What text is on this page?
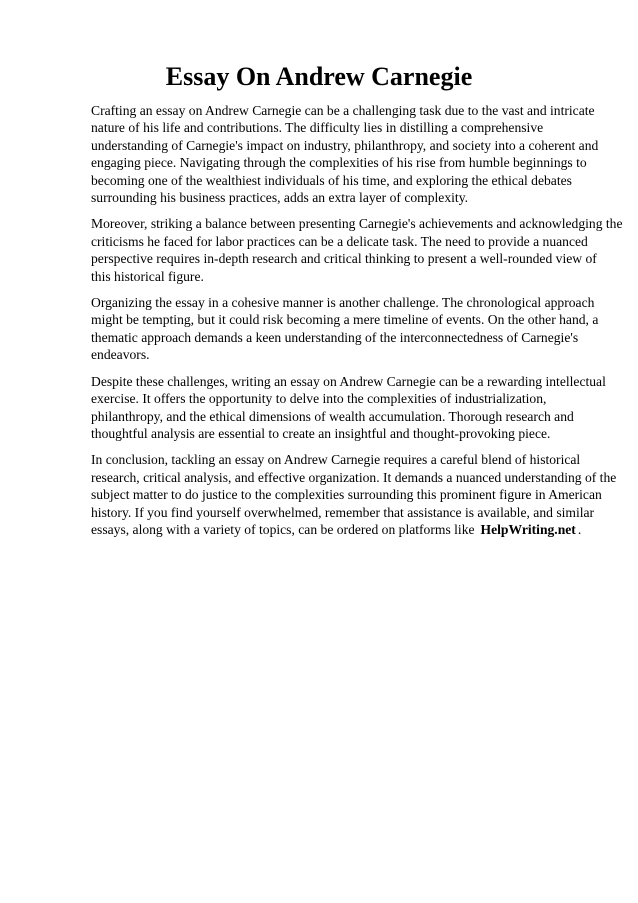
Essay On Andrew Carnegie

Crafting an essay on Andrew Carnegie can be a challenging task due to the vast and intricate
nature of his life and contributions. The difficulty lies in distilling a comprehensive
understanding of Carnegie's impact on industry, philanthropy, and society into a coherent and
engaging piece. Navigating through the complexities of his rise from humble beginnings to
becoming one of the wealthiest individuals of his time, and exploring the ethical debates
surrounding his business practices, adds an extra layer of complexity.

Moreover, striking a balance between presenting Carnegie's achievements and acknowledging the
criticisms he faced for labor practices can be a delicate task. The need to provide a nuanced
perspective requires in-depth research and critical thinking to present a well-rounded view of
this historical figure.

Organizing the essay in a cohesive manner is another challenge. The chronological approach
might be tempting, but it could risk becoming a mere timeline of events. On the other hand, a
thematic approach demands a keen understanding of the interconnectedness of Carnegie's
endeavors.

Despite these challenges, writing an essay on Andrew Carnegie can be a rewarding intellectual
exercise. It offers the opportunity to delve into the complexities of industrialization,
philanthropy, and the ethical dimensions of wealth accumulation. Thorough research and
thoughtful analysis are essential to create an insightful and thought-provoking piece.

In conclusion, tackling an essay on Andrew Carnegie requires a careful blend of historical
research, critical analysis, and effective organization. It demands a nuanced understanding of the
subject matter to do justice to the complexities surrounding this prominent figure in American
history. If you find yourself overwhelmed, remember that assistance is available, and similar
essays, along with a variety of topics, can be ordered on platforms like HelpWriting.net .
